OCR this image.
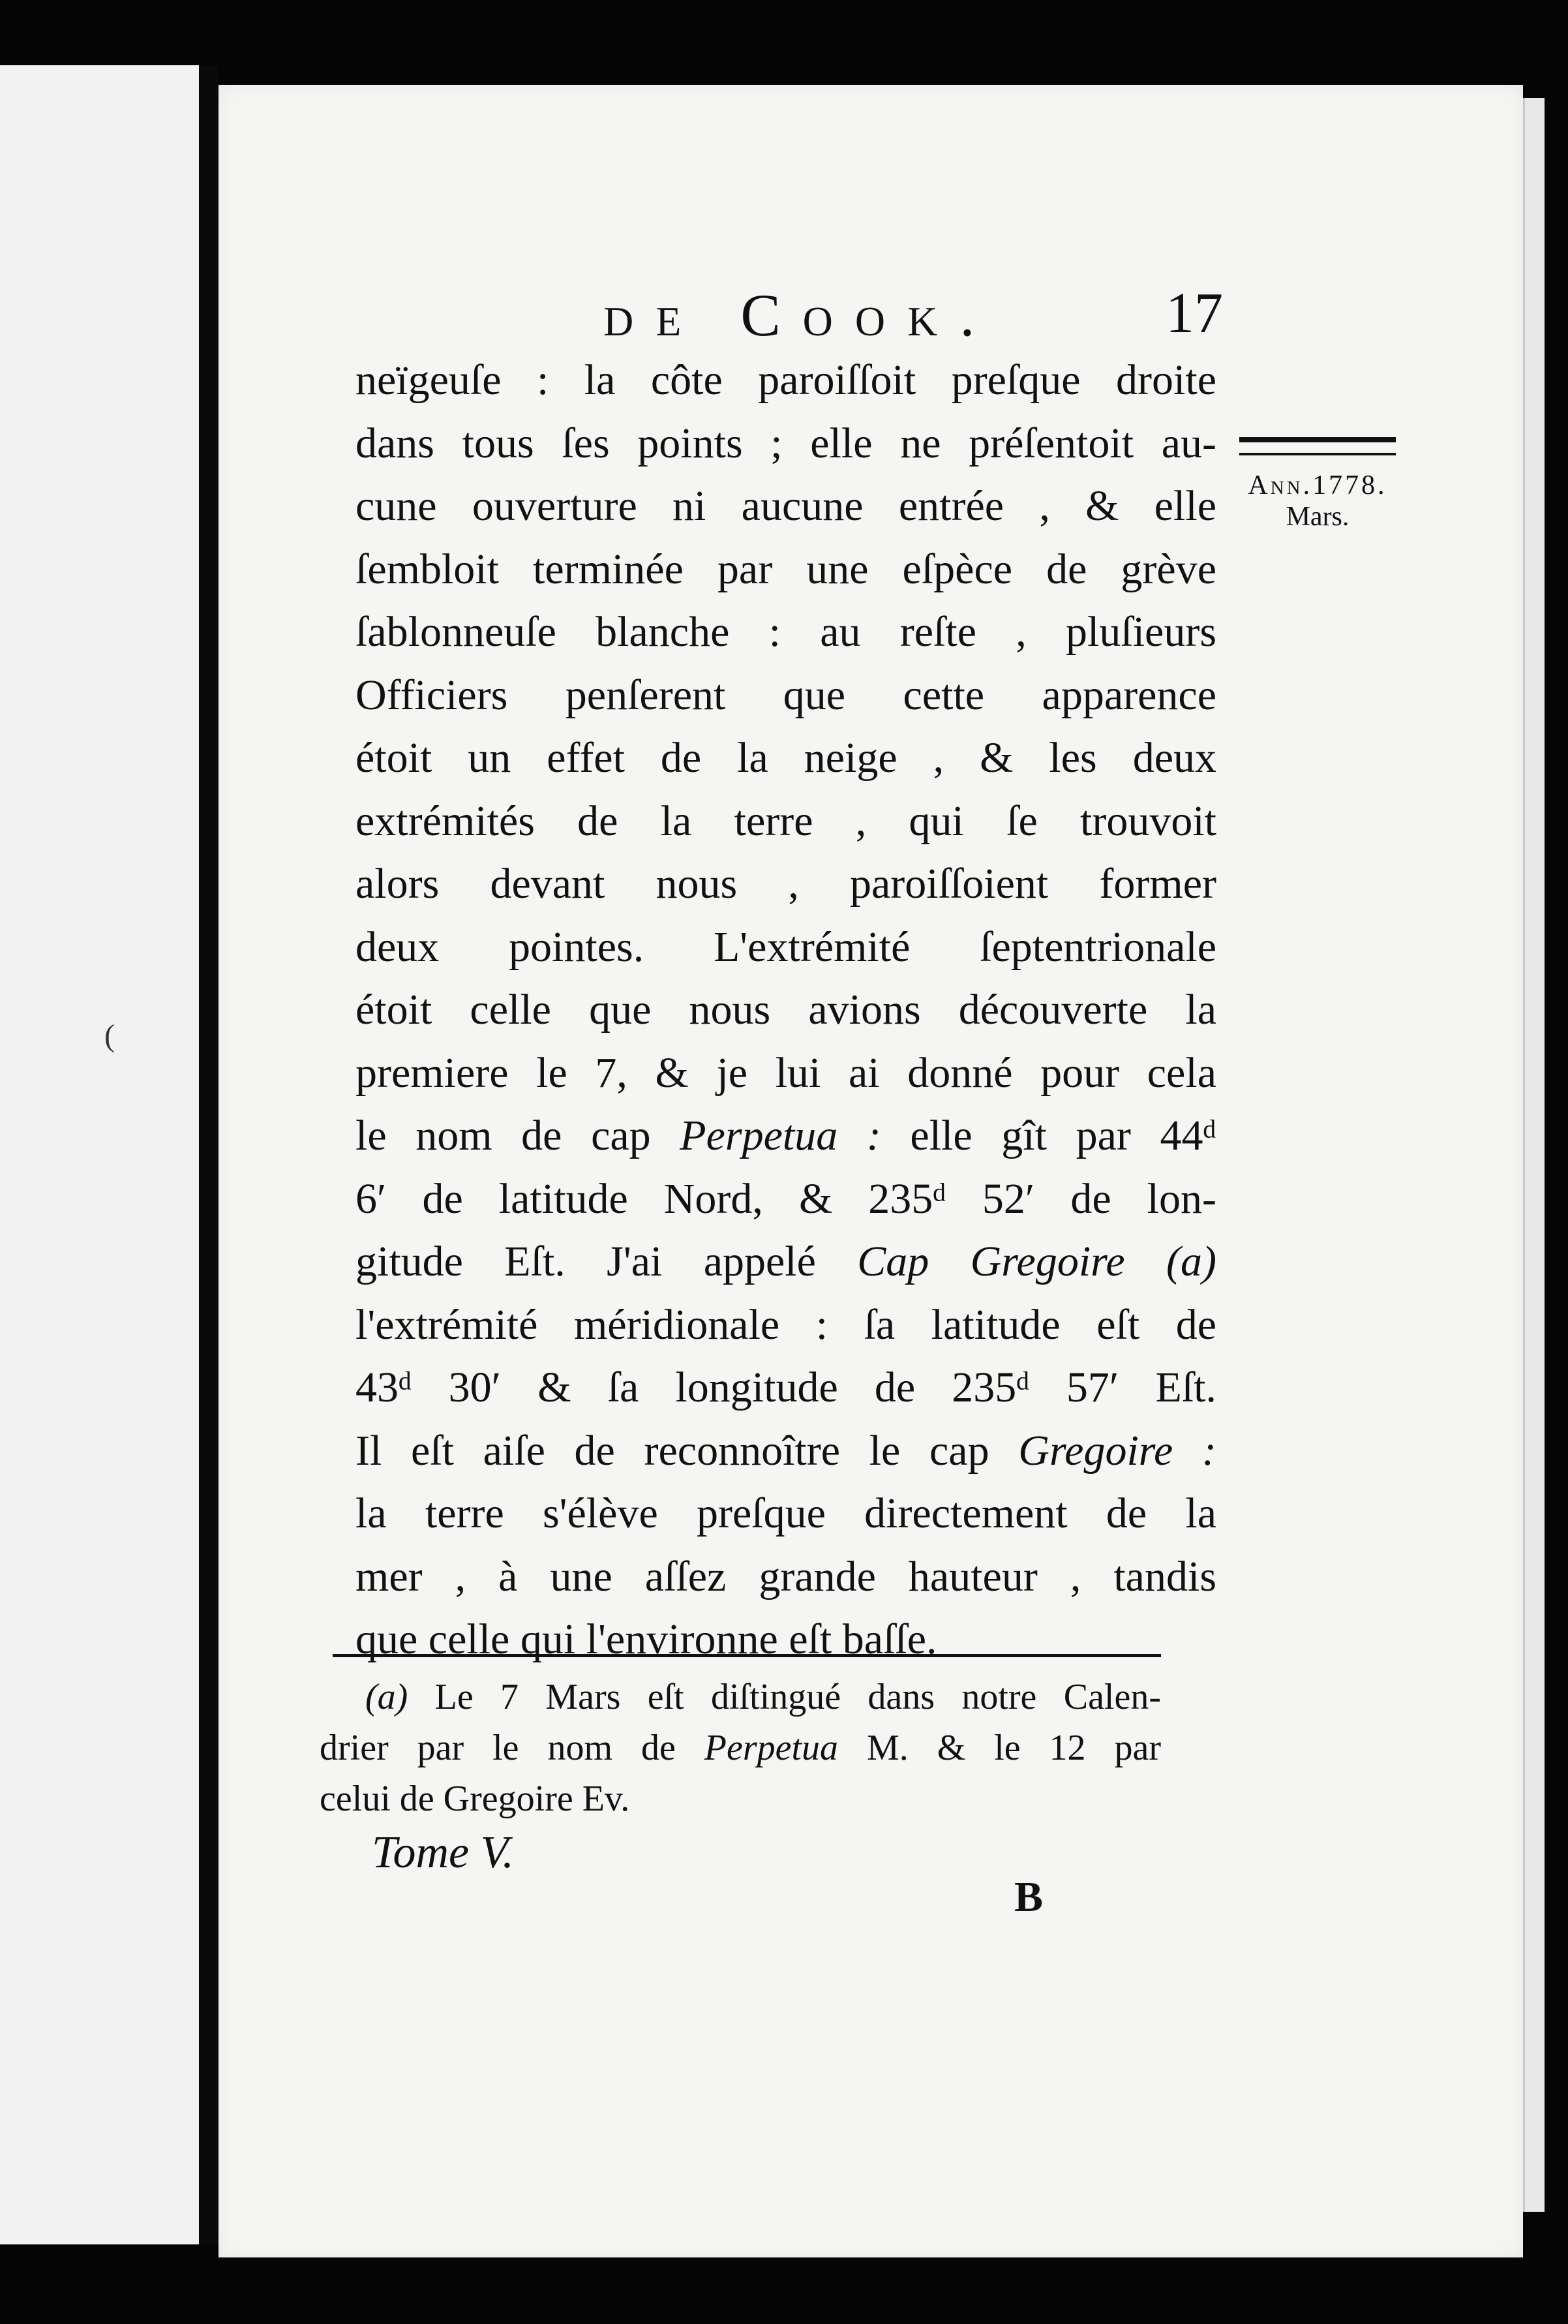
(
de Cook.	17
Ann.1778.
Mars.
neïgeuſe : la côte paroiſſoit preſque droite
dans tous ſes points ; elle ne préſentoit au-
cune ouverture ni aucune entrée , & elle
ſembloit terminée par une eſpèce de grève
ſablonneuſe blanche : au reſte , pluſieurs
Officiers penſerent que cette apparence
étoit un effet de la neige , & les deux
extrémités de la terre , qui ſe trouvoit
alors devant nous , paroiſſoient former
deux pointes. L'extrémité ſeptentrionale
étoit celle que nous avions découverte la
premiere le 7, & je lui ai donné pour cela
le nom de cap Perpetua : elle gît par 44ᵈ
6′ de latitude Nord, & 235ᵈ 52′ de lon-
gitude Eſt. J'ai appelé Cap Gregoire (a)
l'extrémité méridionale : ſa latitude eſt de
43ᵈ 30′ & ſa longitude de 235ᵈ 57′ Eſt.
Il eſt aiſe de reconnoître le cap Gregoire :
la terre s'élève preſque directement de la
mer , à une aſſez grande hauteur , tandis
que celle qui l'environne eſt baſſe.
(a) Le 7 Mars eſt diſtingué dans notre Calen-
drier par le nom de Perpetua M. & le 12 par
celui de Gregoire Ev.
Tome V.
B
